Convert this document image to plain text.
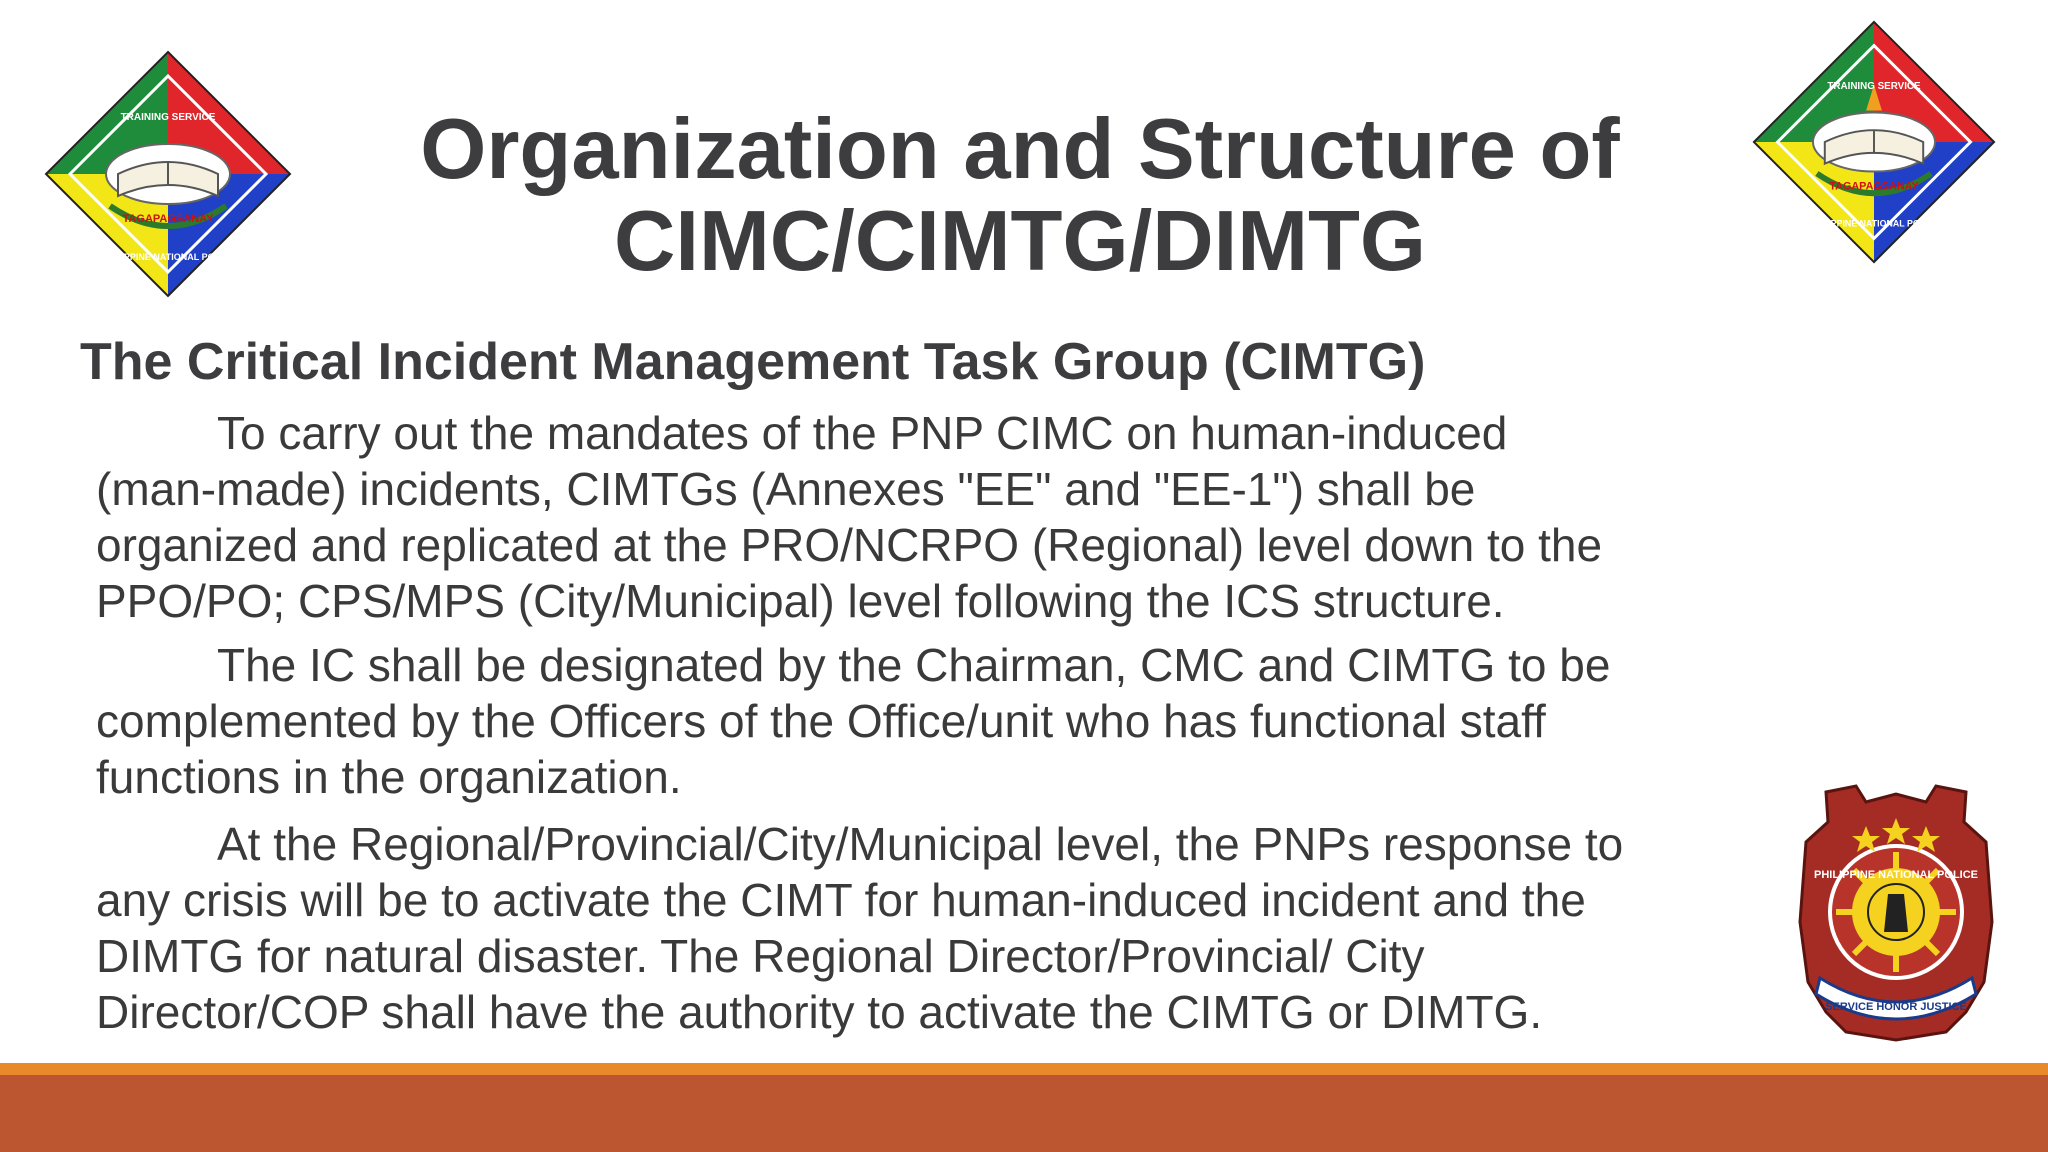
TRAINING SERVICE
TAGAPAGSANAY
PHILIPPINE NATIONAL POLICE
TRAINING SERVICE
TAGAPAGSANAY
PHILIPPINE NATIONAL POLICE
Organization and Structure of
CIMC/CIMTG/DIMTG
The Critical Incident Management Task Group (CIMTG)

To carry out the mandates of the PNP CIMC on human-induced
(man-made) incidents, CIMTGs (Annexes "EE" and "EE-1") shall be
organized and replicated at the PRO/NCRPO (Regional) level down to the
PPO/PO; CPS/MPS (City/Municipal) level following the ICS structure.

The IC shall be designated by the Chairman, CMC and CIMTG to be
complemented by the Officers of the Office/unit who has functional staff
functions in the organization.

At the Regional/Provincial/City/Municipal level, the PNPs response to
any crisis will be to activate the CIMT for human-induced incident and the
DIMTG for natural disaster. The Regional Director/Provincial/ City
Director/COP shall have the authority to activate the CIMTG or DIMTG.

PHILIPPINE NATIONAL POLICE
SERVICE HONOR JUSTICE
